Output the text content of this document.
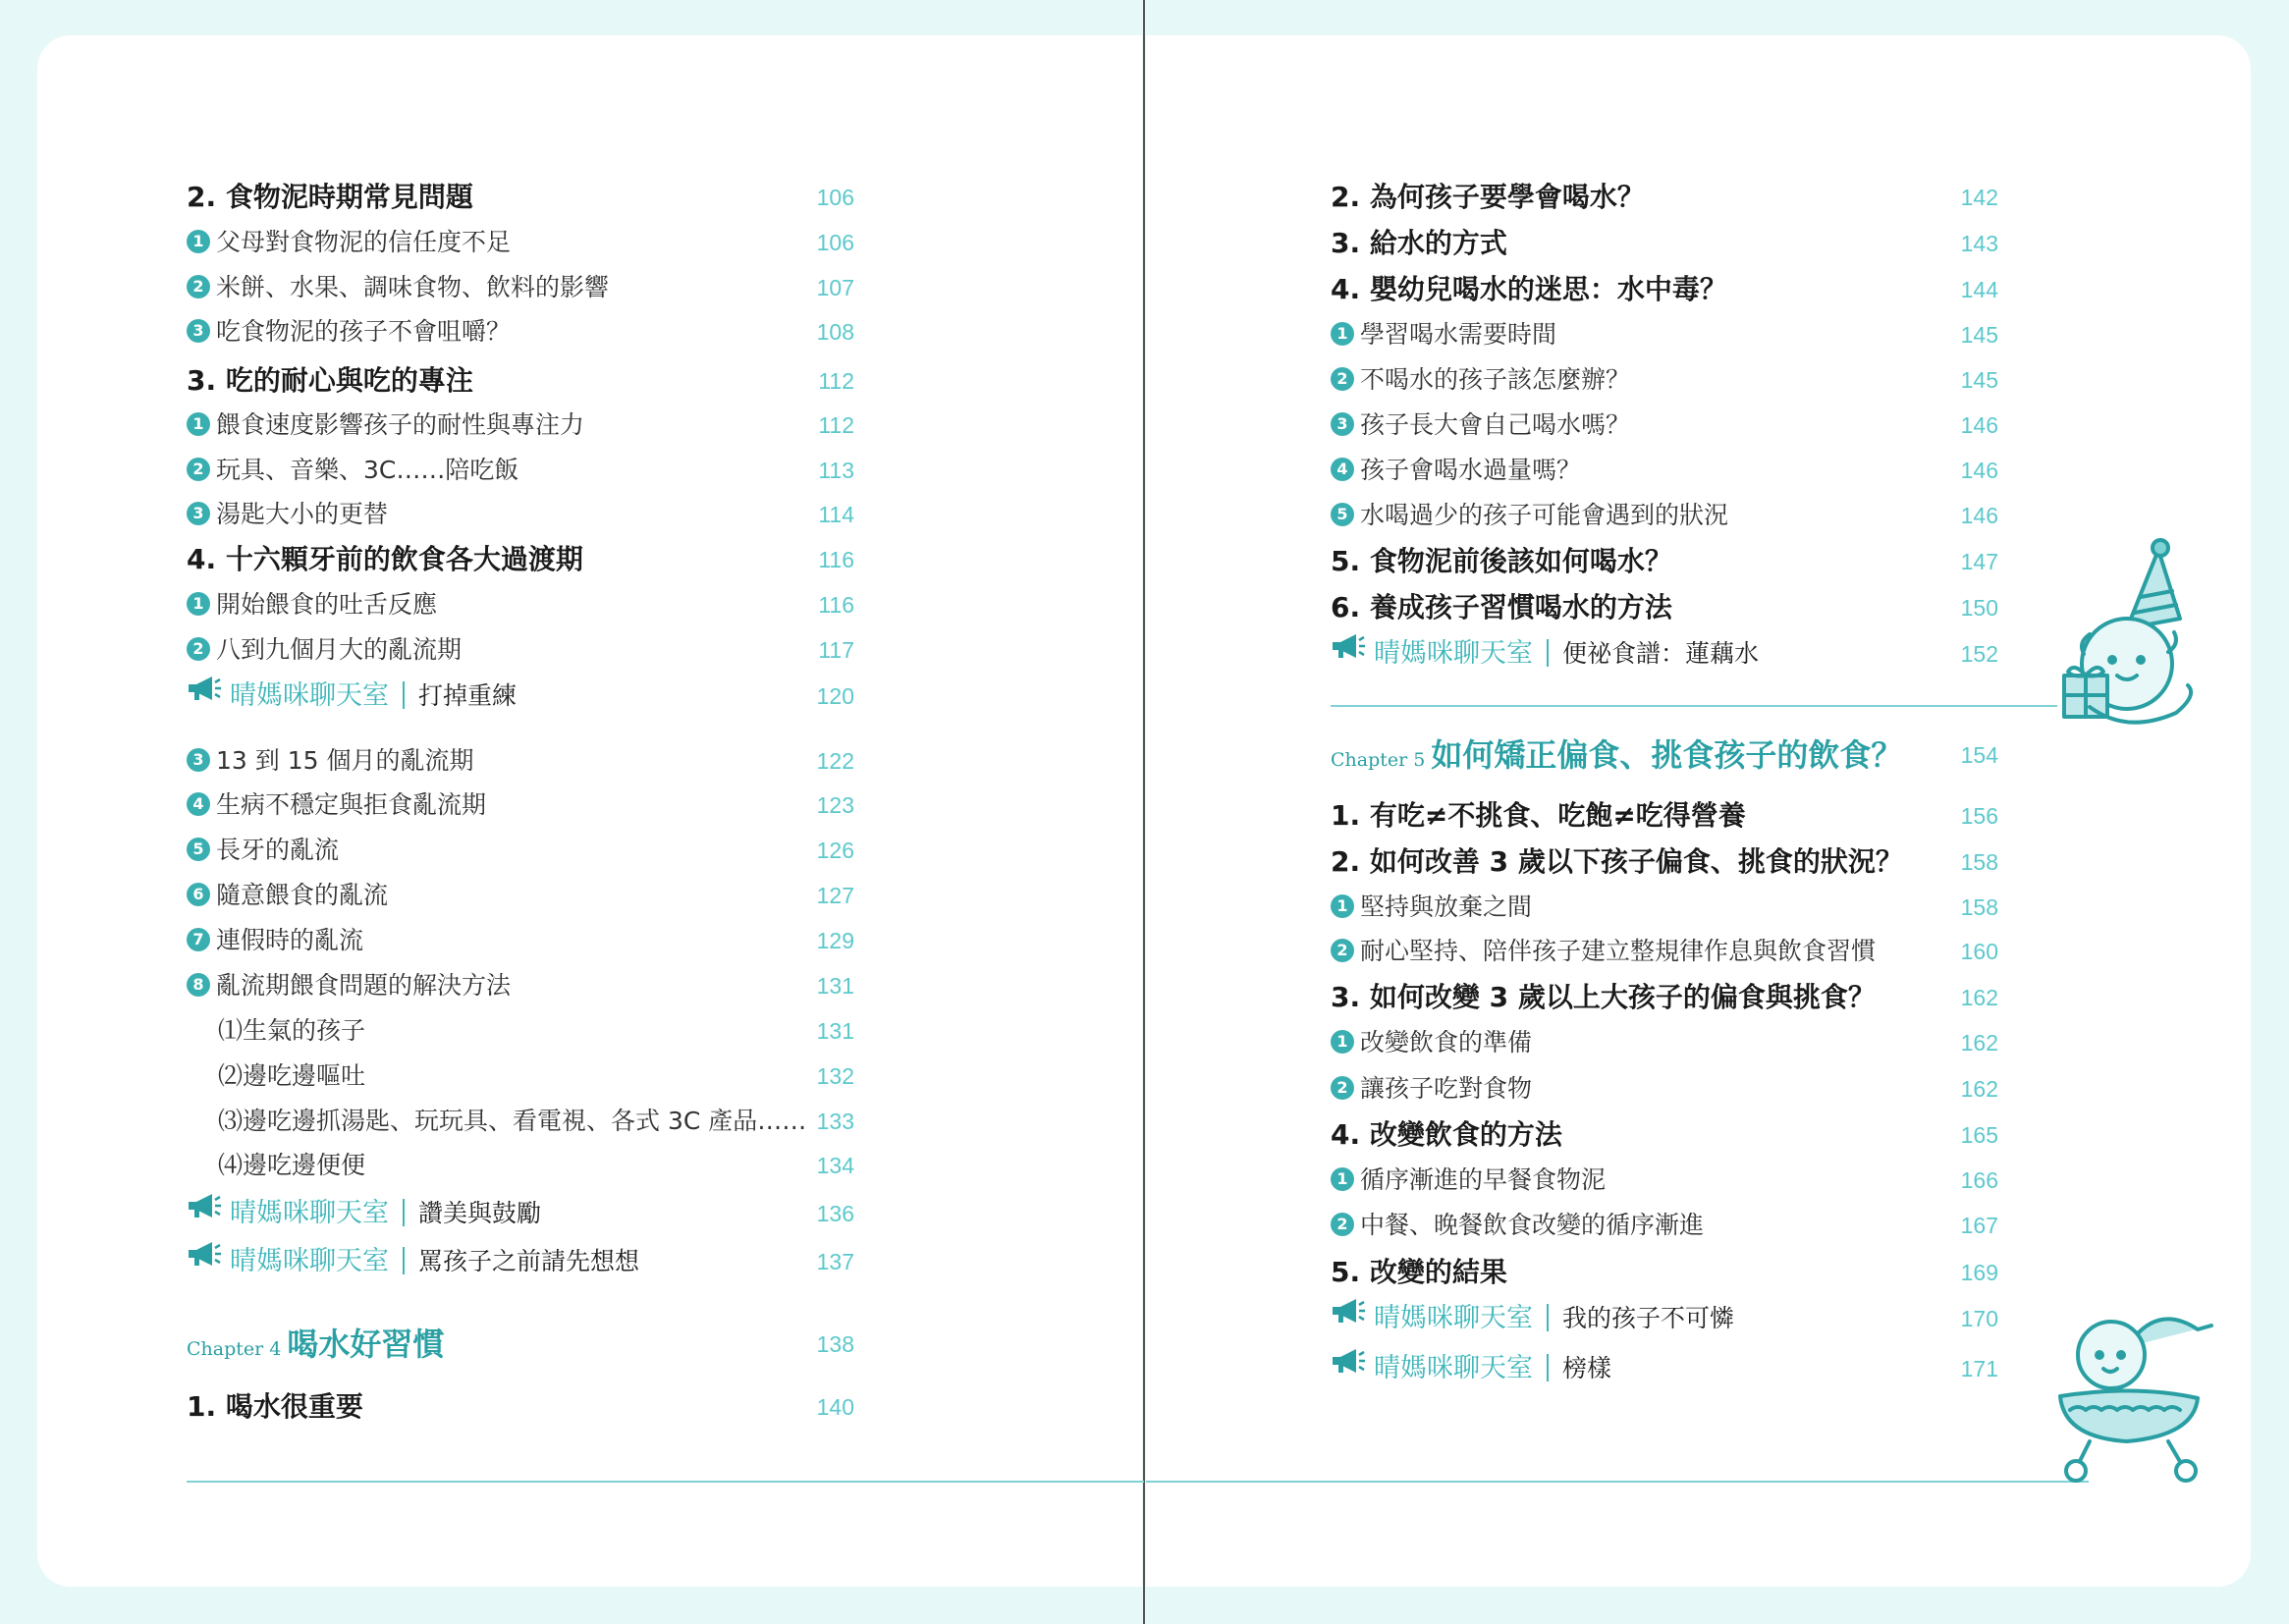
2. 食物泥時期常見問題	106
1 父母對食物泥的信任度不足	106
2 米餅、水果、調味食物、飲料的影響	107
3 吃食物泥的孩子不會咀嚼？	108
3. 吃的耐心與吃的專注	112
1 餵食速度影響孩子的耐性與專注力	112
2 玩具、音樂、3C……陪吃飯	113
3 湯匙大小的更替	114
4. 十六顆牙前的飲食各大過渡期	116
1 開始餵食的吐舌反應	116
2 八到九個月大的亂流期	117
晴媽咪聊天室 打掉重練	120
3 13 到 15 個月的亂流期	122
4 生病不穩定與拒食亂流期	123
5 長牙的亂流	126
6 隨意餵食的亂流	127
7 連假時的亂流	129
8 亂流期餵食問題的解決方法	131
⑴生氣的孩子	131
⑵邊吃邊嘔吐	132
⑶邊吃邊抓湯匙、玩玩具、看電視、各式 3C 產品…… 133
⑷邊吃邊便便	134
晴媽咪聊天室 讚美與鼓勵	136
晴媽咪聊天室 罵孩子之前請先想想	137
Chapter 4 喝水好習慣	138
1. 喝水很重要	140
2. 為何孩子要學會喝水？	142
3. 給水的方式	143
4. 嬰幼兒喝水的迷思：水中毒？	144
1 學習喝水需要時間	145
2 不喝水的孩子該怎麼辦？	145
3 孩子長大會自己喝水嗎？	146
4 孩子會喝水過量嗎？	146
5 水喝過少的孩子可能會遇到的狀況	146
5. 食物泥前後該如何喝水？	147
6. 養成孩子習慣喝水的方法	150
晴媽咪聊天室 便祕食譜：蓮藕水	152
Chapter 5 如何矯正偏食、挑食孩子的飲食？	154
1. 有吃≠不挑食、吃飽≠吃得營養	156
2. 如何改善 3 歲以下孩子偏食、挑食的狀況？	158
1 堅持與放棄之間	158
2 耐心堅持、陪伴孩子建立整規律作息與飲食習慣	160
3. 如何改變 3 歲以上大孩子的偏食與挑食？	162
1 改變飲食的準備	162
2 讓孩子吃對食物	162
4. 改變飲食的方法	165
1 循序漸進的早餐食物泥	166
2 中餐、晚餐飲食改變的循序漸進	167
5. 改變的結果	169
晴媽咪聊天室 我的孩子不可憐	170
晴媽咪聊天室 榜樣	171
